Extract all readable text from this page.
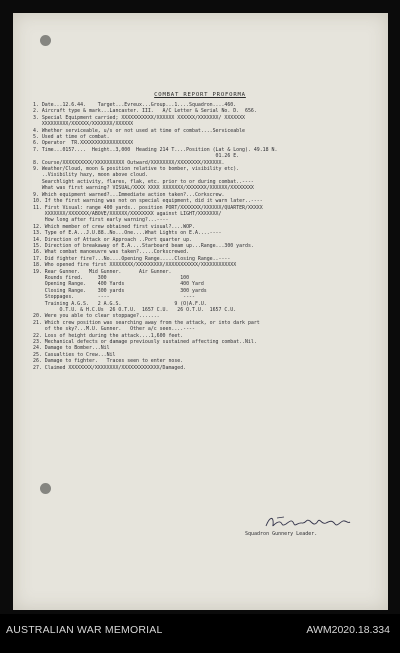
COMBAT REPORT PROFORMA
1. Date...12.6.44.    Target...Evreux...Group...1....Squadron....460.
2. Aircraft type & mark...Lancaster. III.   A/C Letter & Serial No. D.  656.
3. Special Equipment carried; XXXXXXXXXXX/XXXXXX XXXXXX/XXXXXXX/ XXXXXXX
XXXXXXXXX/XXXXXX/XXXXXXX/XXXXXX
4. Whether serviceable, u/s or not used at time of combat....Serviceable
5. Used at time of combat.
6. Operator  TR.XXXXXXXXXXXXXXXXXX
7. Time...0157....  Height..3,000  Heading 214 T....Position (Lat & Long). 49.18 N.
01.26 E.
8. Course/XXXXXXXXXX/XXXXXXXXXX Outward/XXXXXXXX/XXXXXXXX/XXXXXX.
9. Weather/Cloud, moon & position relative to bomber, visibility etc).
..Visibility hazy, moon above cloud.
Searchlight activity, flares, flak, etc. prior to or during combat..----
What was first warning? VISUAL/XXXX XXXX XXXXXXX/XXXXXXX/XXXXXX/XXXXXXXX
9. Which equipment warned?...Immediate action taken?...Corkscrew.
10. If the first warning was not on special equipment, did it warn later..----
11. First Visual: range 400 yards.. position PORT/XXXXXXX/XXXXXX/QUARTER/XXXXX
XXXXXXX/XXXXXXX/ABOVE/XXXXXX/XXXXXXXX against LIGHT/XXXXXXX/
How long after first early warning?...----
12. Which member of crew obtained first visual?....WOP.
13. Type of E.A...J.U.88..No...One....What Lights on E.A....----
14. Direction of Attack or Approach ..Port quarter up.
15. Direction of breakaway of E.A....Starboard beam up...Range...300 yards.
16. What combat manoeuvre was taken?.....Corkscrewed.
17. Did fighter fire?...No....Opening Range.....Closing Range..----
18. Who opened fire first XXXXXXXX/XXXXXXXXX/XXXXXXXXXXX/XXXXXXXXXXXX
19. Rear Gunner.   Mid Gunner.      Air Gunner.
Rounds fired.     300                         100
Opening Range.    400 Yards                   400 Yard
Closing Range.    300 yards                   300 yards
Stoppages.        ----                         ----
Training A.G.S.   2 A.G.S.                  9 (O)A.F.U.
O.T.U. & H.C.Us  26 O.T.U.  1657 C.U.   26 O.T.U.  1657 C.U.
20. Were you able to clear stoppage?.......
21. Which crew position was searching away from the attack, or into dark part
of the sky?...M.U. Gunner.   Other a/c seen....----
22. Loss of height during the attack....1,600 feet.
23. Mechanical defects or damage previously sustained affecting combat..Nil.
24. Damage to Bomber...Nil
25. Casualties to Crew...Nil
26. Damage to fighter.   Traces seen to enter nose.
27. Claimed XXXXXXXX/XXXXXXXX/XXXXXXXXXXXXX/Damaged.
Squadron Gunnery Leader.
AUSTRALIAN WAR MEMORIAL	AWM2020.18.334
